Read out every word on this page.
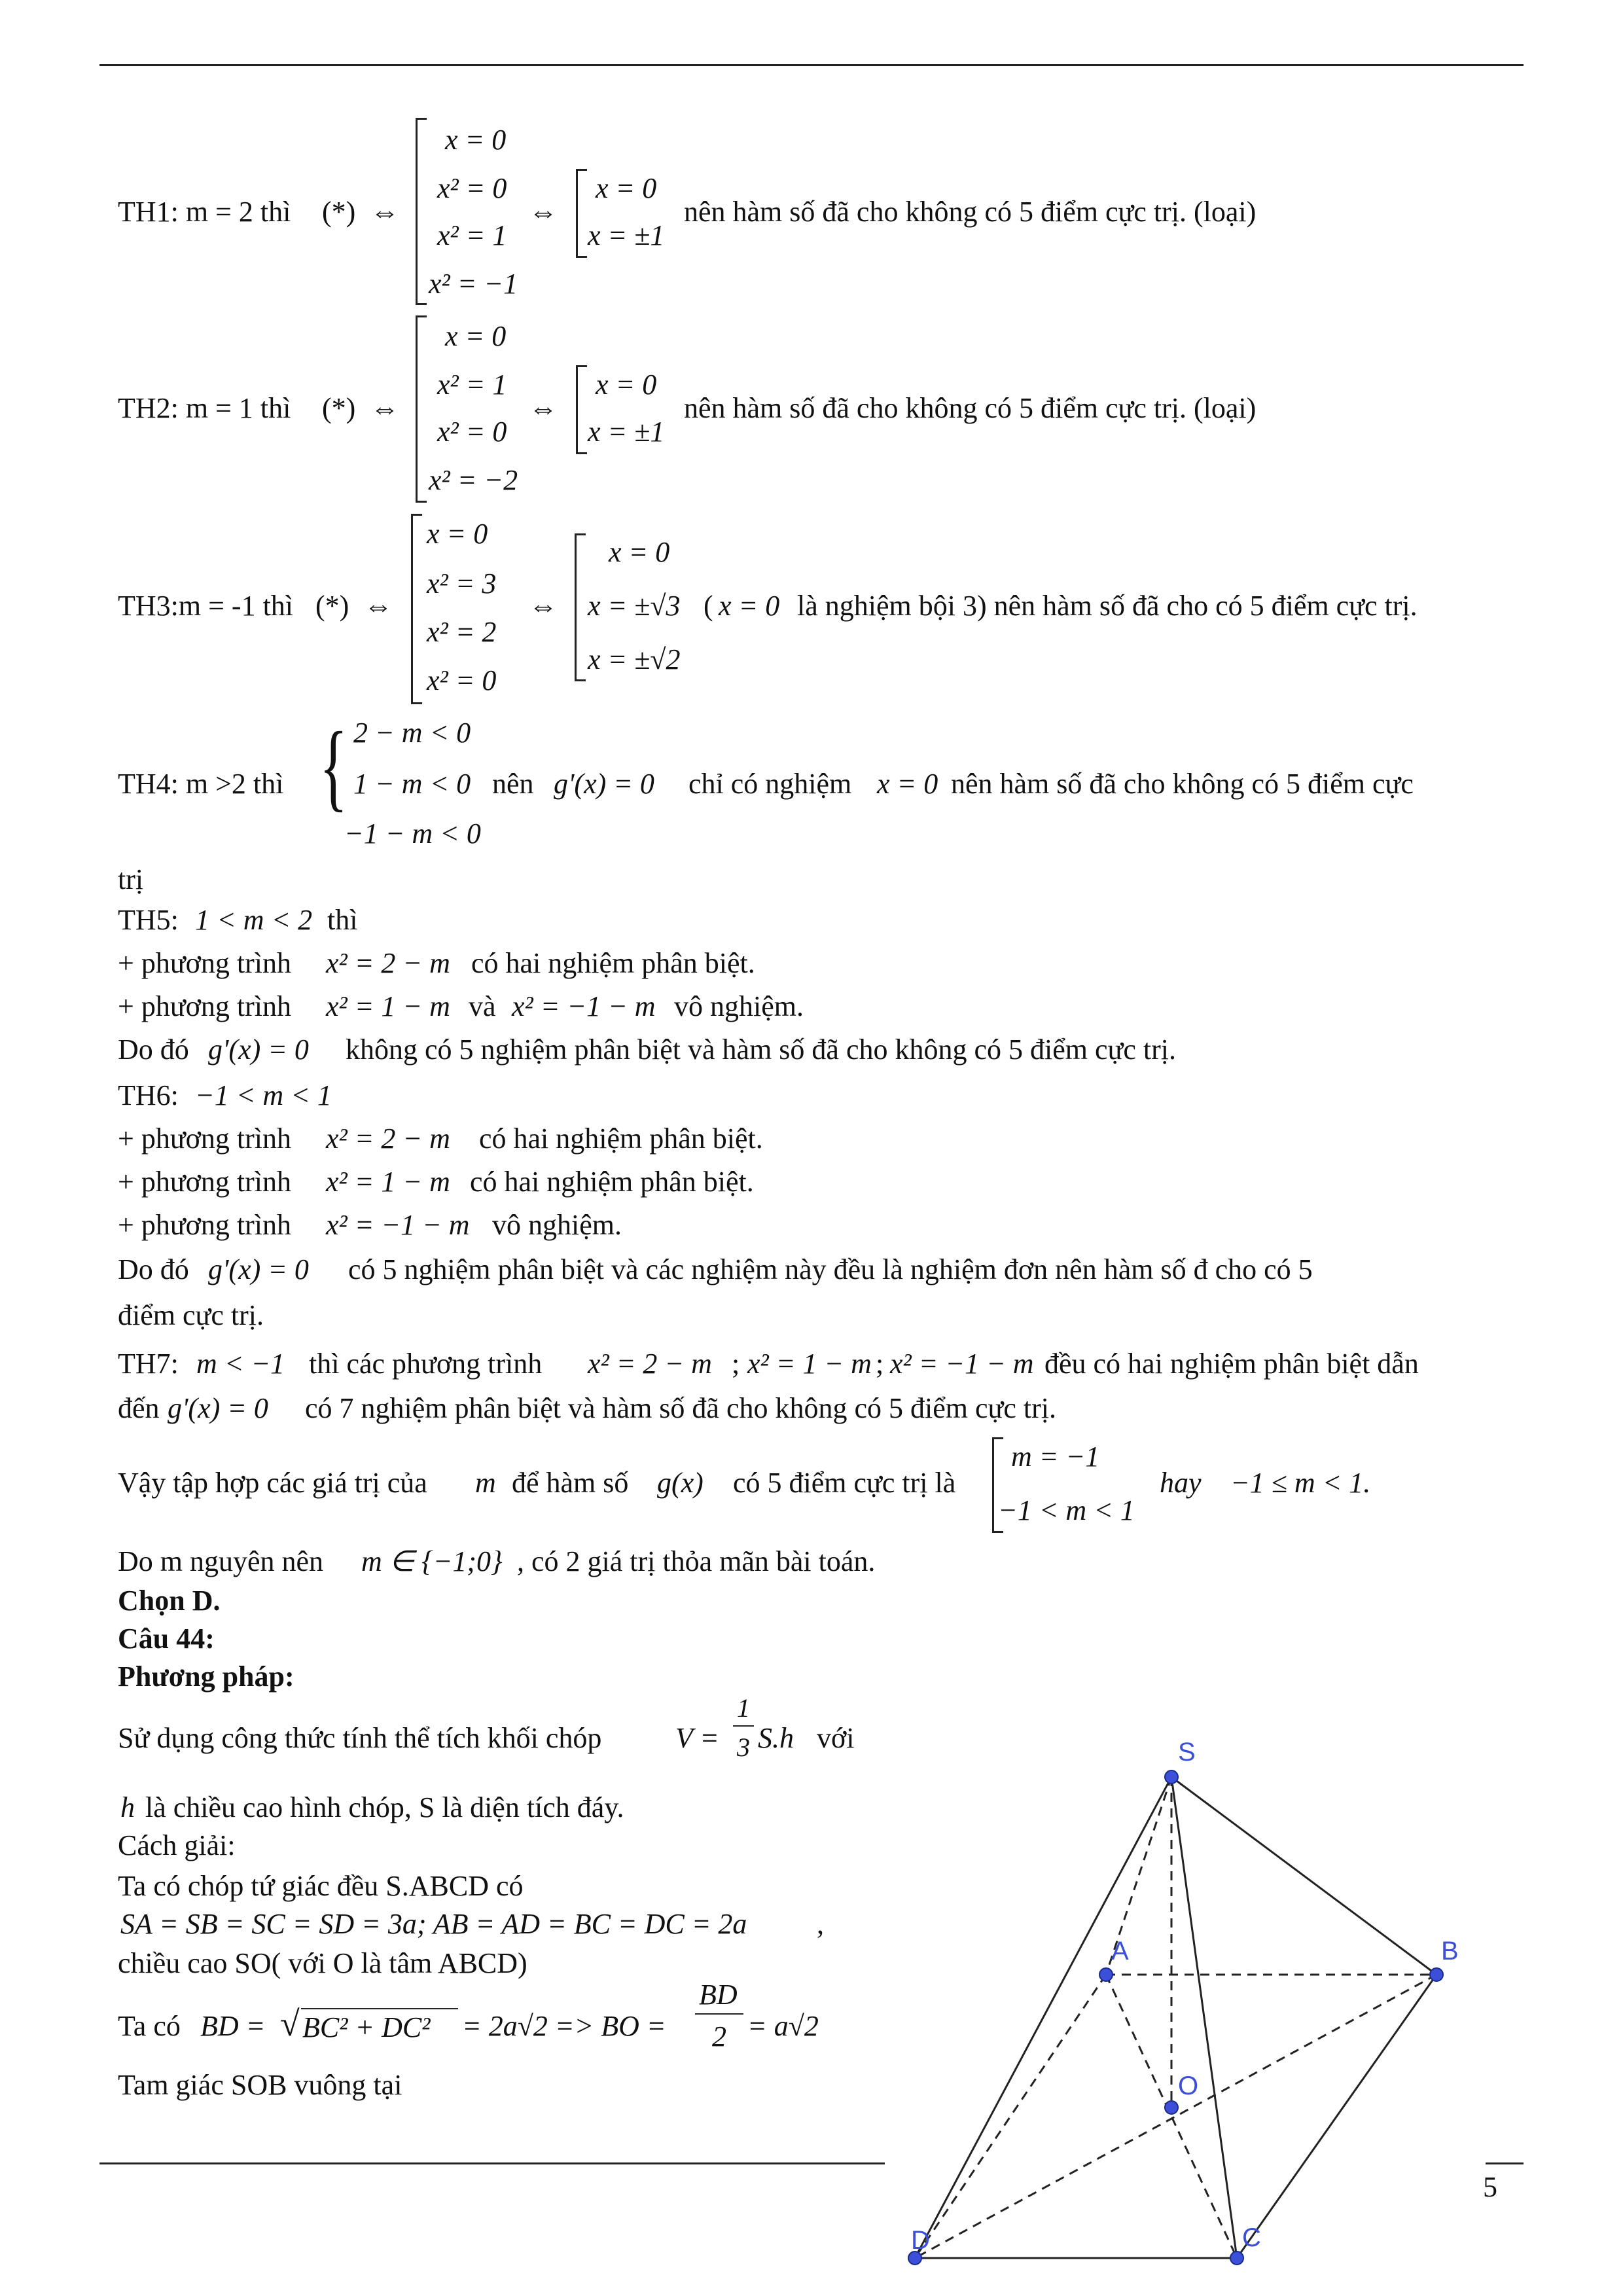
TH1: m = 2 thì (*) ⇔
x = 0
x² = 0
x² = 1
x² = −1
⇔
x = 0
x = ±1
nên hàm số đã cho không có 5 điểm cực trị. (loại)
TH2: m = 1 thì (*) ⇔
x = 0
x² = 1
x² = 0
x² = −2
⇔
x = 0
x = ±1
nên hàm số đã cho không có 5 điểm cực trị. (loại)
TH3:m = -1 thì (*) ⇔
x = 0
x² = 3
x² = 2
x² = 0
⇔
x = 0
x = ±√3
x = ±√2
( x = 0 là nghiệm bội 3) nên hàm số đã cho có 5 điểm cực trị.
TH4: m >2 thì { 2 − m < 0
1 − m < 0
−1 − m < 0
nên g'(x) = 0 chỉ có nghiệm x = 0 nên hàm số đã cho không có 5 điểm cực
trị
TH5: 1 < m < 2 thì
+ phương trình x² = 2 − m có hai nghiệm phân biệt.
+ phương trình x² = 1 − m và x² = −1 − m vô nghiệm.
Do đó g'(x) = 0 không có 5 nghiệm phân biệt và hàm số đã cho không có 5 điểm cực trị.
TH6: −1 < m < 1
+ phương trình x² = 2 − m có hai nghiệm phân biệt.
+ phương trình x² = 1 − m có hai nghiệm phân biệt.
+ phương trình x² = −1 − m vô nghiệm.
Do đó g'(x) = 0 có 5 nghiệm phân biệt và các nghiệm này đều là nghiệm đơn nên hàm số đ cho có 5
điểm cực trị.
TH7: m < −1 thì các phương trình x² = 2 − m ; x² = 1 − m ; x² = −1 − m đều có hai nghiệm phân biệt dẫn
đến g'(x) = 0 có 7 nghiệm phân biệt và hàm số đã cho không có 5 điểm cực trị.
Vậy tập hợp các giá trị của m để hàm số g(x) có 5 điểm cực trị là
m = −1
−1 < m < 1
hay −1 ≤ m < 1.
Do m nguyên nên m ∈ {−1;0} , có 2 giá trị thỏa mãn bài toán.
Chọn D.
Câu 44:
Phương pháp:
Sử dụng công thức tính thể tích khối chóp	V =
1
3 S.h với
h là chiều cao hình chóp, S là diện tích đáy.
Cách giải:
Ta có chóp tứ giác đều S.ABCD có
SA = SB = SC = SD = 3a; AB = AD = BC = DC = 2a ,
chiều cao SO( với O là tâm ABCD)
Ta có BD = √ BC² + DC² = 2a√2 => BO =
BD
2 = a√2
Tam giác SOB vuông tại
5
S
A	B
O
C
D
